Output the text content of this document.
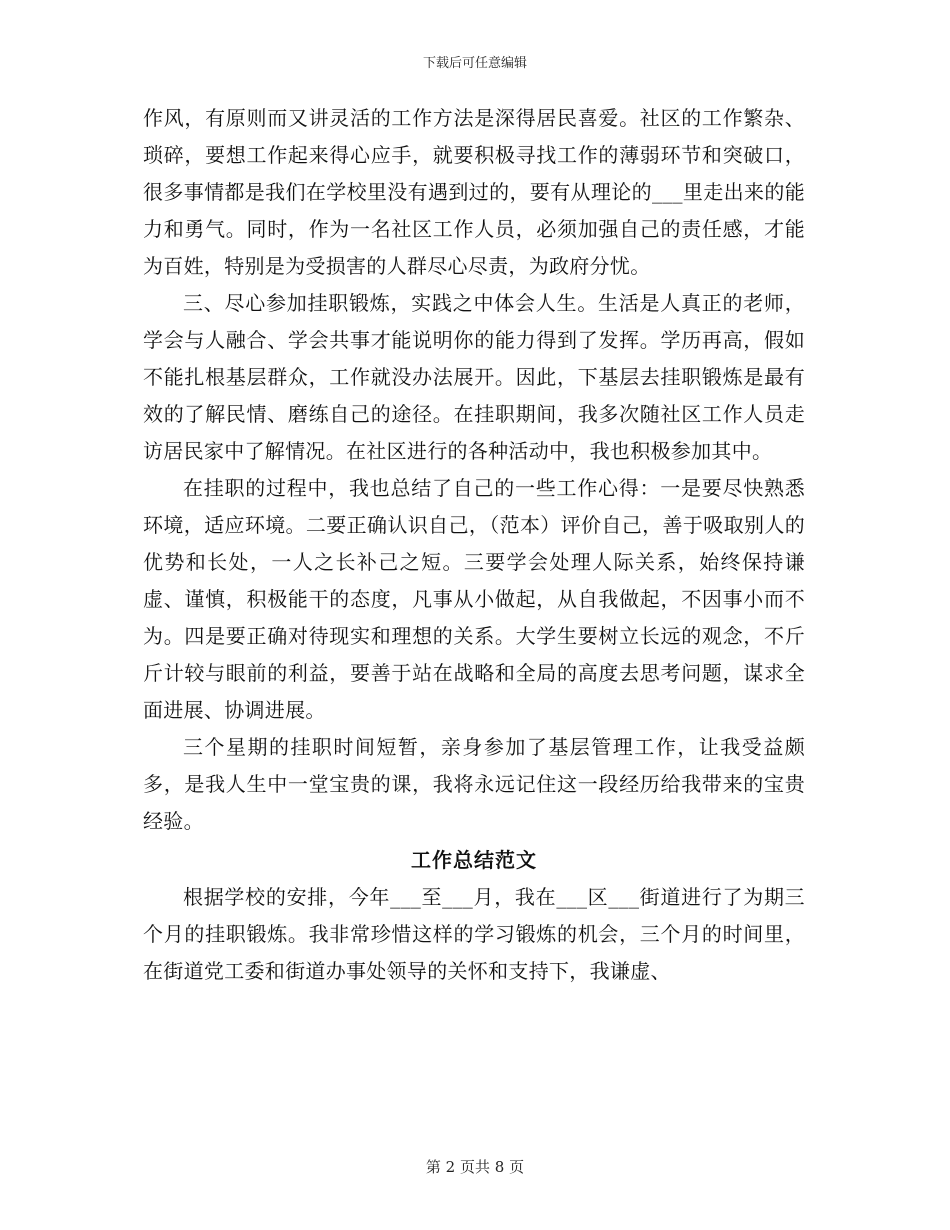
下载后可任意编辑

作风，有原则而又讲灵活的工作方法是深得居民喜爱。社区的工作繁杂、琐碎，要想工作起来得心应手，就要积极寻找工作的薄弱环节和突破口，很多事情都是我们在学校里没有遇到过的，要有从理论的___里走出来的能力和勇气。同时，作为一名社区工作人员，必须加强自己的责任感，才能为百姓，特别是为受损害的人群尽心尽责，为政府分忧。

三、尽心参加挂职锻炼，实践之中体会人生。生活是人真正的老师，学会与人融合、学会共事才能说明你的能力得到了发挥。学历再高，假如不能扎根基层群众，工作就没办法展开。因此，下基层去挂职锻炼是最有效的了解民情、磨练自己的途径。在挂职期间，我多次随社区工作人员走访居民家中了解情况。在社区进行的各种活动中，我也积极参加其中。

在挂职的过程中，我也总结了自己的一些工作心得：一是要尽快熟悉环境，适应环境。二要正确认识自己，（范本）评价自己，善于吸取别人的优势和长处，一人之长补己之短。三要学会处理人际关系，始终保持谦虚、谨慎，积极能干的态度，凡事从小做起，从自我做起，不因事小而不为。四是要正确对待现实和理想的关系。大学生要树立长远的观念，不斤斤计较与眼前的利益，要善于站在战略和全局的高度去思考问题，谋求全面进展、协调进展。

三个星期的挂职时间短暂，亲身参加了基层管理工作，让我受益颇多，是我人生中一堂宝贵的课，我将永远记住这一段经历给我带来的宝贵经验。

工作总结范文

根据学校的安排，今年___至___月，我在___区___街道进行了为期三个月的挂职锻炼。我非常珍惜这样的学习锻炼的机会，三个月的时间里，在街道党工委和街道办事处领导的关怀和支持下，我谦虚、

第 2 页共 8 页
